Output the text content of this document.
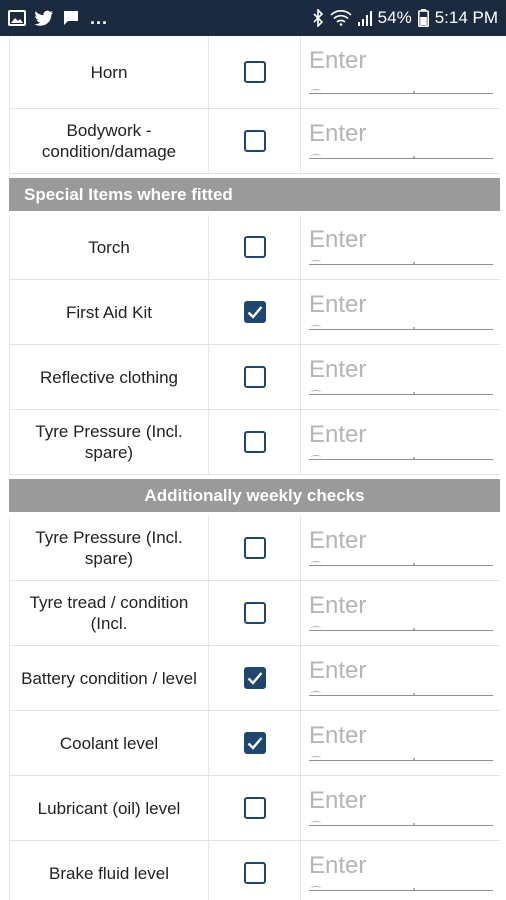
...	54% 5:14 PM
Horn
Enter
Bodywork - condition/damage
Enter
Special Items where fitted
Torch
Enter
First Aid Kit
Enter
Reflective clothing
Enter
Tyre Pressure (Incl. spare)
Enter
Additionally weekly checks
Tyre Pressure (Incl. spare)
Enter
Tyre tread / condition (Incl.
Enter
Battery condition / level
Enter
Coolant level
Enter
Lubricant (oil) level
Enter
Brake fluid level
Enter
